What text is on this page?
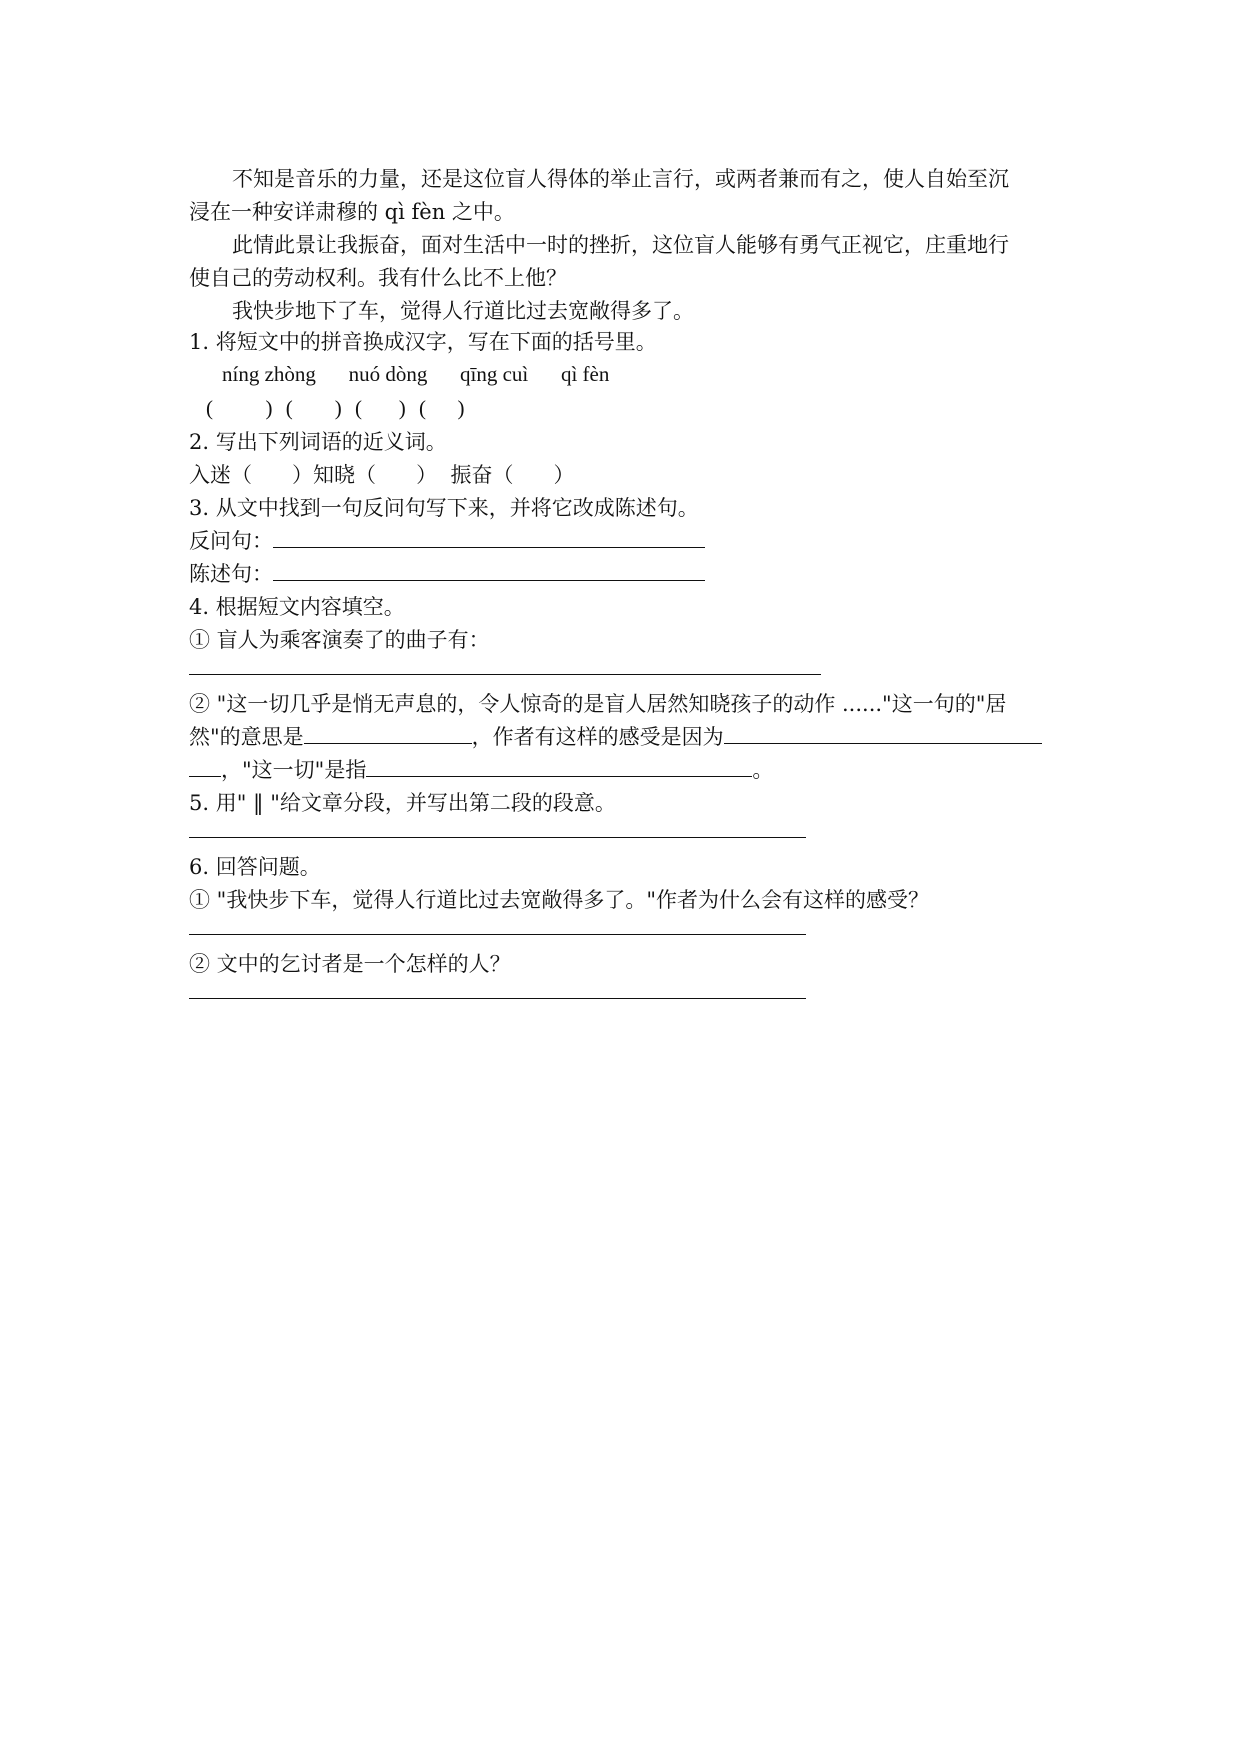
不知是音乐的力量，还是这位盲人得体的举止言行，或两者兼而有之，使人自始至沉
浸在一种安详肃穆的 qì fèn 之中。
此情此景让我振奋，面对生活中一时的挫折，这位盲人能够有勇气正视它，庄重地行
使自己的劳动权利。我有什么比不上他？
我快步地下了车，觉得人行道比过去宽敞得多了。
1. 将短文中的拼音换成汉字，写在下面的括号里。
níng zhòng nuó dòng qīng cuì qì fèn
(          ) (        ) (       ) (      )
2. 写出下列词语的近义词。
入迷（      ）知晓（      ）  振奋（      ）
3. 从文中找到一句反问句写下来，并将它改成陈述句。
反问句：
陈述句：
4. 根据短文内容填空。
① 盲人为乘客演奏了的曲子有：
② "这一切几乎是悄无声息的，令人惊奇的是盲人居然知晓孩子的动作 ......"这一句的"居
然"的意思是	，作者有这样的感受是因为
，"这一切"是指	。
5. 用" ‖ "给文章分段，并写出第二段的段意。
6. 回答问题。
① "我快步下车，觉得人行道比过去宽敞得多了。"作者为什么会有这样的感受？
② 文中的乞讨者是一个怎样的人？
